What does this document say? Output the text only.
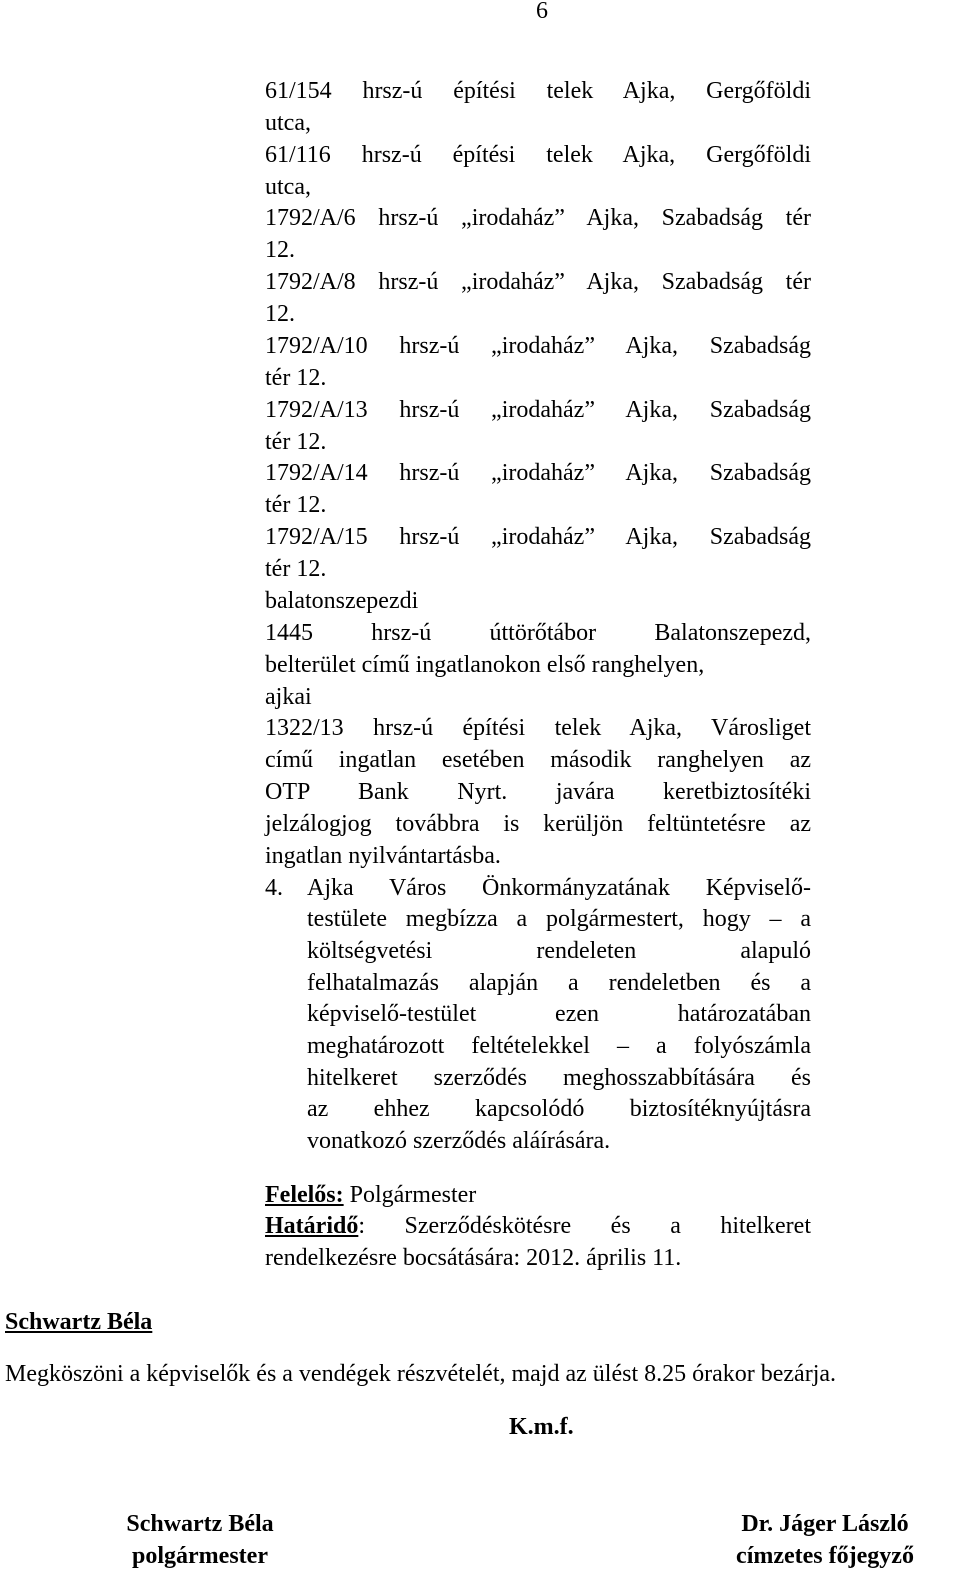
6
61/154 hrsz-ú építési telek Ajka, Gergőföldi
utca,
61/116 hrsz-ú építési telek Ajka, Gergőföldi
utca,
1792/A/6 hrsz-ú „irodaház” Ajka, Szabadság tér
12.
1792/A/8 hrsz-ú „irodaház” Ajka, Szabadság tér
12.
1792/A/10 hrsz-ú „irodaház” Ajka, Szabadság
tér 12.
1792/A/13 hrsz-ú „irodaház” Ajka, Szabadság
tér 12.
1792/A/14 hrsz-ú „irodaház” Ajka, Szabadság
tér 12.
1792/A/15 hrsz-ú „irodaház” Ajka, Szabadság
tér 12.
balatonszepezdi
1445 hrsz-ú úttörőtábor Balatonszepezd,
belterület című ingatlanokon első ranghelyen,
ajkai
1322/13 hrsz-ú építési telek Ajka, Városliget
című ingatlan esetében második ranghelyen az
OTP Bank Nyrt. javára keretbiztosítéki
jelzálogjog továbbra is kerüljön feltüntetésre az
ingatlan nyilvántartásba.
4.	Ajka Város Önkormányzatának Képviselő-
testülete megbízza a polgármestert, hogy – a
költségvetési rendeleten alapuló
felhatalmazás alapján a rendeletben és a
képviselő-testület ezen határozatában
meghatározott feltételekkel – a folyószámla
hitelkeret szerződés meghosszabbítására és
az ehhez kapcsolódó biztosítéknyújtásra
vonatkozó szerződés aláírására.
Felelős: Polgármester
Határidő: Szerződéskötésre és a hitelkeret
rendelkezésre bocsátására: 2012. április 11.
Schwartz Béla
Megköszöni a képviselők és a vendégek részvételét, majd az ülést 8.25 órakor bezárja.
K.m.f.
Schwartz Béla
polgármester
Dr. Jáger László
címzetes főjegyző
